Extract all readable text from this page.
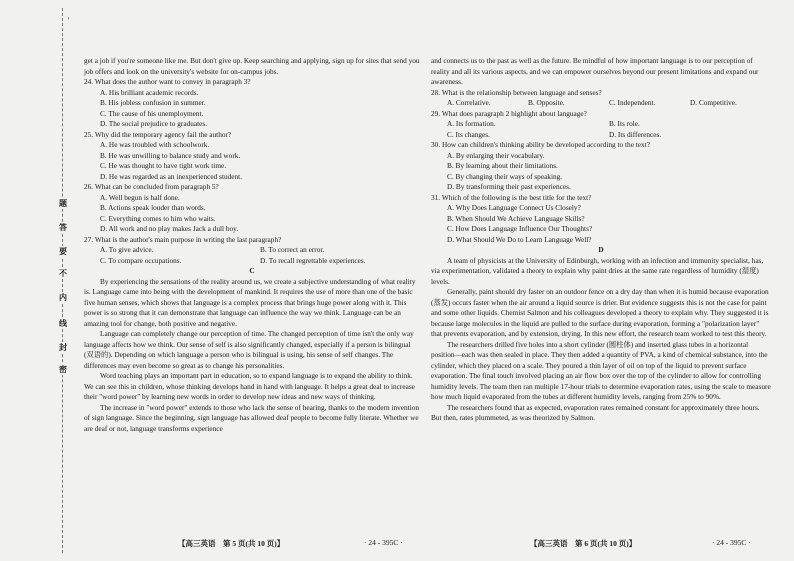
'
题
答
要
不
内
线
封
密

get a job if you're someone like me. But don't give up. Keep searching and applying, sign up for sites that send you job offers and look on the university's website for on-campus jobs.

24. What does the author want to convey in paragraph 3?

A. His brilliant academic records.

B. His jobless confusion in summer.

C. The cause of his unemployment.

D. The social prejudice to graduates.

25. Why did the temporary agency fail the author?

A. He was troubled with schoolwork.

B. He was unwilling to balance study and work.

C. He was thought to have tight work time.

D. He was regarded as an inexperienced student.

26. What can be concluded from paragraph 5?

A. Well begun is half done.

B. Actions speak louder than words.

C. Everything comes to him who waits.

D. All work and no play makes Jack a dull boy.

27. What is the author's main purpose in writing the last paragraph?

A. To give advice.	B. To correct an error.
C. To compare occupations.	D. To recall regrettable experiences.

C

By experiencing the sensations of the reality around us, we create a subjective understanding of what reality is. Language came into being with the development of mankind. It requires the use of more than one of the basic five human senses, which shows that language is a complex process that brings huge power along with it. This power is so strong that it can demonstrate that language can influence the way we think. Language can be an amazing tool for change, both positive and negative.

Language can completely change our perception of time. The changed perception of time isn't the only way language affects how we think. Our sense of self is also significantly changed, especially if a person is bilingual (双语的). Depending on which language a person who is bilingual is using, his sense of self changes. The differences may even become so great as to change his personalities.

Word teaching plays an important part in education, so to expand language is to expand the ability to think. We can see this in children, whose thinking develops hand in hand with language. It helps a great deal to increase their "word power" by learning new words in order to develop new ideas and new ways of thinking.

The increase in "word power" extends to those who lack the sense of hearing, thanks to the modern invention of sign language. Since the beginning, sign language has allowed deaf people to become fully literate. Whether we are deaf or not, language transforms experience

【高三英语　第 5 页(共 10 页)】	· 24 - 395C ·

and connects us to the past as well as the future. Be mindful of how important language is to our perception of reality and all its various aspects, and we can empower ourselves beyond our present limitations and expand our awareness.

28. What is the relationship between language and senses?

A. Correlative.	B. Opposite.	C. Independent.	D. Competitive.

29. What does paragraph 2 highlight about language?

A. Its formation.	B. Its role.
C. Its changes.	D. Its differences.

30. How can children's thinking ability be developed according to the text?

A. By enlarging their vocabulary.

B. By learning about their limitations.

C. By changing their ways of speaking.

D. By transforming their past experiences.

31. Which of the following is the best title for the text?

A. Why Does Language Connect Us Closely?

B. When Should We Achieve Language Skills?

C. How Does Language Influence Our Thoughts?

D. What Should We Do to Learn Language Well?

D

A team of physicists at the University of Edinburgh, working with an infection and immunity specialist, has, via experimentation, validated a theory to explain why paint dries at the same rate regardless of humidity (湿度) levels.

Generally, paint should dry faster on an outdoor fence on a dry day than when it is humid because evaporation (蒸发) occurs faster when the air around a liquid source is drier. But evidence suggests this is not the case for paint and some other liquids. Chemist Salmon and his colleagues developed a theory to explain why. They suggested it is because large molecules in the liquid are pulled to the surface during evaporation, forming a "polarization layer" that prevents evaporation, and by extension, drying. In this new effort, the research team worked to test this theory.

The researchers drilled five holes into a short cylinder (圆柱体) and inserted glass tubes in a horizontal position—each was then sealed in place. They then added a quantity of PVA, a kind of chemical substance, into the cylinder, which they placed on a scale. They poured a thin layer of oil on top of the liquid to prevent surface evaporation. The final touch involved placing an air flow box over the top of the cylinder to allow for controlling humidity levels. The team then ran multiple 17-hour trials to determine evaporation rates, using the scale to measure how much liquid evaporated from the tubes at different humidity levels, ranging from 25% to 90%.

The researchers found that as expected, evaporation rates remained constant for approximately three hours. But then, rates plummeted, as was theorized by Salmon.

【高三英语　第 6 页(共 10 页)】	· 24 - 395C ·
